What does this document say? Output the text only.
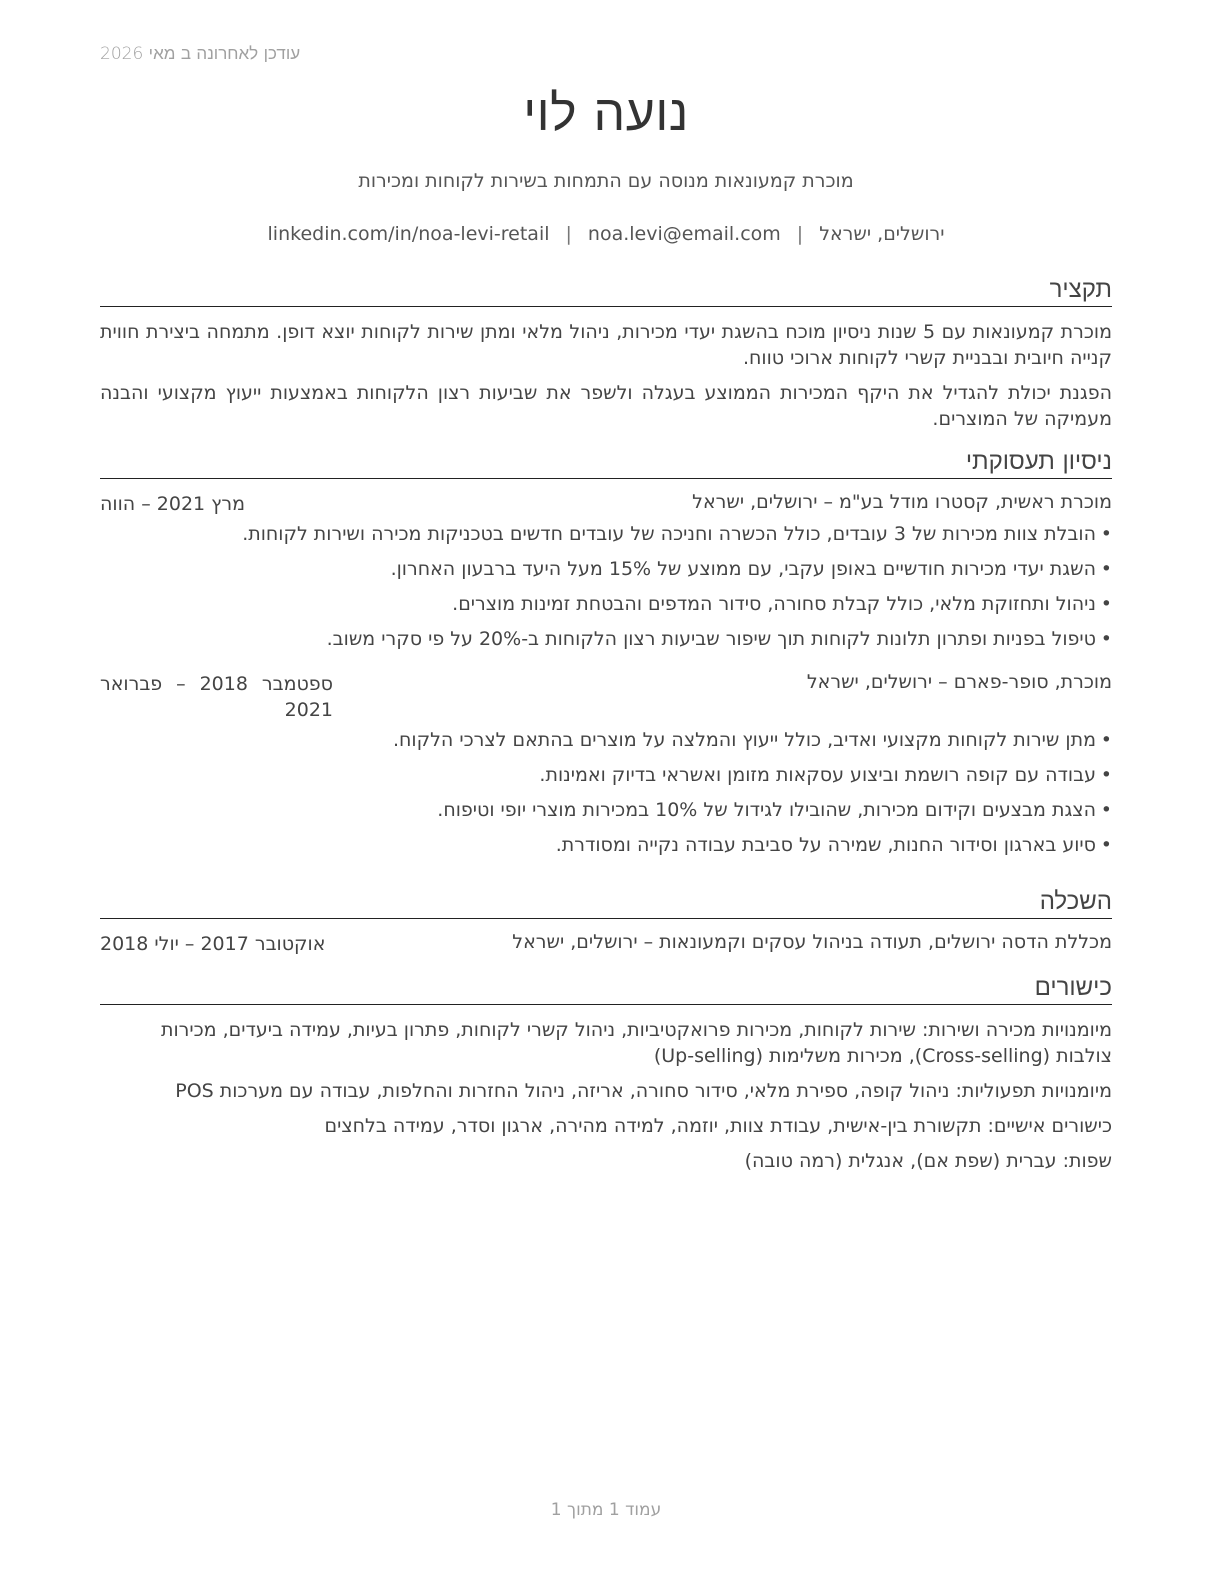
עודכן לאחרונה ב מאי 2026
נועה לוי
מוכרת קמעונאות מנוסה עם התמחות בשירות לקוחות ומכירות
ירושלים, ישראל|noa.levi@email.com|linkedin.com/in/noa-levi-retail
תקציר
מוכרת קמעונאות עם 5 שנות ניסיון מוכח בהשגת יעדי מכירות, ניהול מלאי ומתן שירות לקוחות יוצא דופן. מתמחה ביצירת חווית קנייה חיובית ובבניית קשרי לקוחות ארוכי טווח.
הפגנת יכולת להגדיל את היקף המכירות הממוצע בעגלה ולשפר את שביעות רצון הלקוחות באמצעות ייעוץ מקצועי והבנה מעמיקה של המוצרים.
ניסיון תעסוקתי
מוכרת ראשית, קסטרו מודל בע"מ – ירושלים, ישראל
מרץ 2021 – הווה
•
הובלת צוות מכירות של 3 עובדים, כולל הכשרה וחניכה של עובדים חדשים בטכניקות מכירה ושירות לקוחות.
•
השגת יעדי מכירות חודשיים באופן עקבי, עם ממוצע של 15% מעל היעד ברבעון האחרון.
•
ניהול ותחזוקת מלאי, כולל קבלת סחורה, סידור המדפים והבטחת זמינות מוצרים.
•
טיפול בפניות ופתרון תלונות לקוחות תוך שיפור שביעות רצון הלקוחות ב-20% על פי סקרי משוב.
מוכרת, סופר-פארם – ירושלים, ישראל
ספטמבר 2018 – פברואר 2021
•
מתן שירות לקוחות מקצועי ואדיב, כולל ייעוץ והמלצה על מוצרים בהתאם לצרכי הלקוח.
•
עבודה עם קופה רושמת וביצוע עסקאות מזומן ואשראי בדיוק ואמינות.
•
הצגת מבצעים וקידום מכירות, שהובילו לגידול של 10% במכירות מוצרי יופי וטיפוח.
•
סיוע בארגון וסידור החנות, שמירה על סביבת עבודה נקייה ומסודרת.
השכלה
מכללת הדסה ירושלים, תעודה בניהול עסקים וקמעונאות – ירושלים, ישראל
אוקטובר 2017 – יולי 2018
כישורים
מיומנויות מכירה ושירות: שירות לקוחות, מכירות פרואקטיביות, ניהול קשרי לקוחות, פתרון בעיות, עמידה ביעדים, מכירות צולבות (Cross-selling), מכירות משלימות (Up-selling)
מיומנויות תפעוליות: ניהול קופה, ספירת מלאי, סידור סחורה, אריזה, ניהול החזרות והחלפות, עבודה עם מערכות POS
כישורים אישיים: תקשורת בין-אישית, עבודת צוות, יוזמה, למידה מהירה, ארגון וסדר, עמידה בלחצים
שפות: עברית (שפת אם), אנגלית (רמה טובה)
עמוד 1 מתוך 1
